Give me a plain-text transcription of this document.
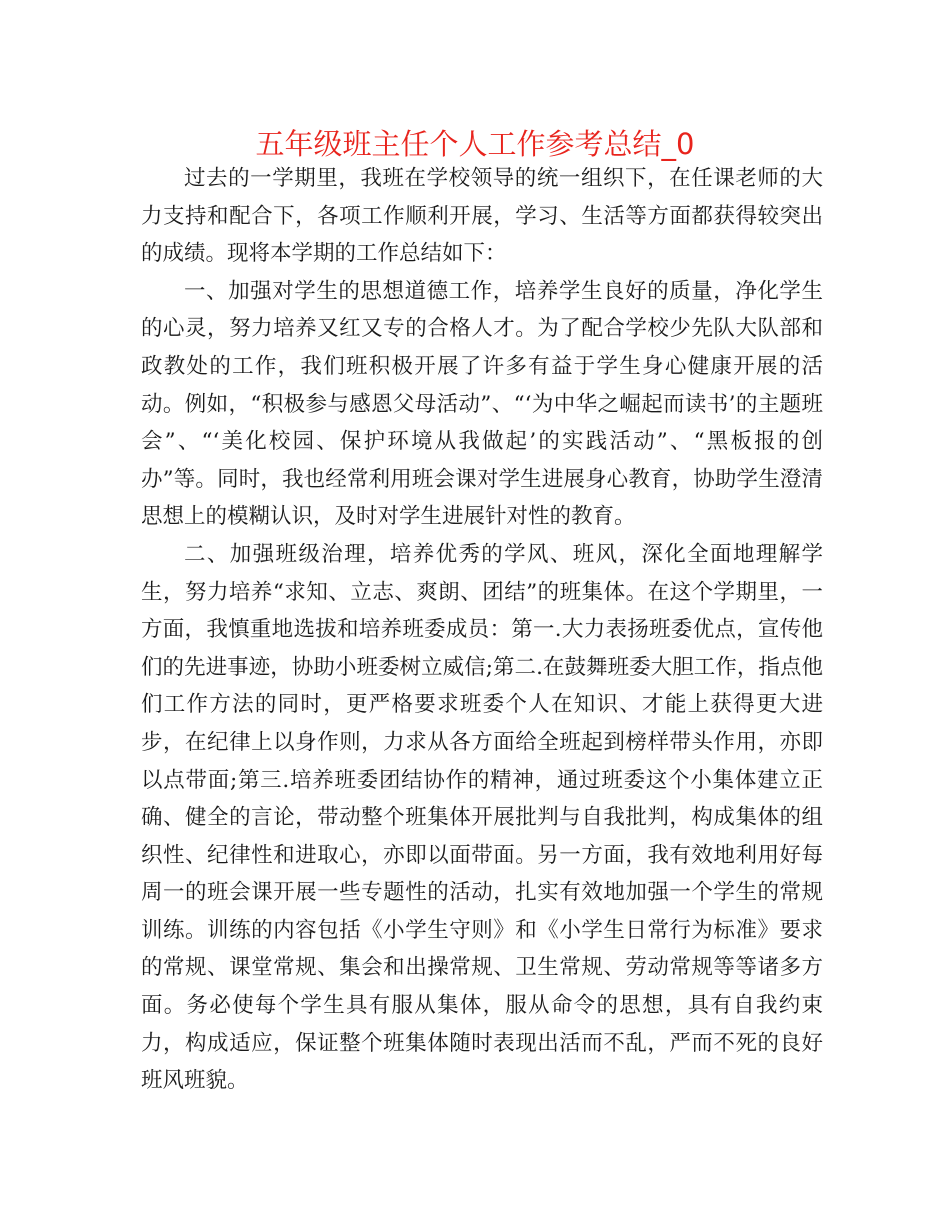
五年级班主任个人工作参考总结_0

过去的一学期里，我班在学校领导的统一组织下，在任课老师的大力支持和配合下，各项工作顺利开展，学习、生活等方面都获得较突出的成绩。现将本学期的工作总结如下：

一、加强对学生的思想道德工作，培养学生良好的质量，净化学生的心灵，努力培养又红又专的合格人才。为了配合学校少先队大队部和政教处的工作，我们班积极开展了许多有益于学生身心健康开展的活动。例如，“积极参与感恩父母活动”、“‘为中华之崛起而读书’的主题班会”、“‘美化校园、保护环境从我做起’的实践活动”、“黑板报的创办”等。同时，我也经常利用班会课对学生进展身心教育，协助学生澄清思想上的模糊认识，及时对学生进展针对性的教育。

二、加强班级治理，培养优秀的学风、班风，深化全面地理解学生，努力培养“求知、立志、爽朗、团结”的班集体。在这个学期里，一方面，我慎重地选拔和培养班委成员：第一.大力表扬班委优点，宣传他们的先进事迹，协助小班委树立威信;第二.在鼓舞班委大胆工作，指点他们工作方法的同时，更严格要求班委个人在知识、才能上获得更大进步，在纪律上以身作则，力求从各方面给全班起到榜样带头作用，亦即以点带面;第三.培养班委团结协作的精神，通过班委这个小集体建立正确、健全的言论，带动整个班集体开展批判与自我批判，构成集体的组织性、纪律性和进取心，亦即以面带面。另一方面，我有效地利用好每周一的班会课开展一些专题性的活动，扎实有效地加强一个学生的常规训练。训练的内容包括《小学生守则》和《小学生日常行为标准》要求的常规、课堂常规、集会和出操常规、卫生常规、劳动常规等等诸多方面。务必使每个学生具有服从集体，服从命令的思想，具有自我约束力，构成适应，保证整个班集体随时表现出活而不乱，严而不死的良好班风班貌。
